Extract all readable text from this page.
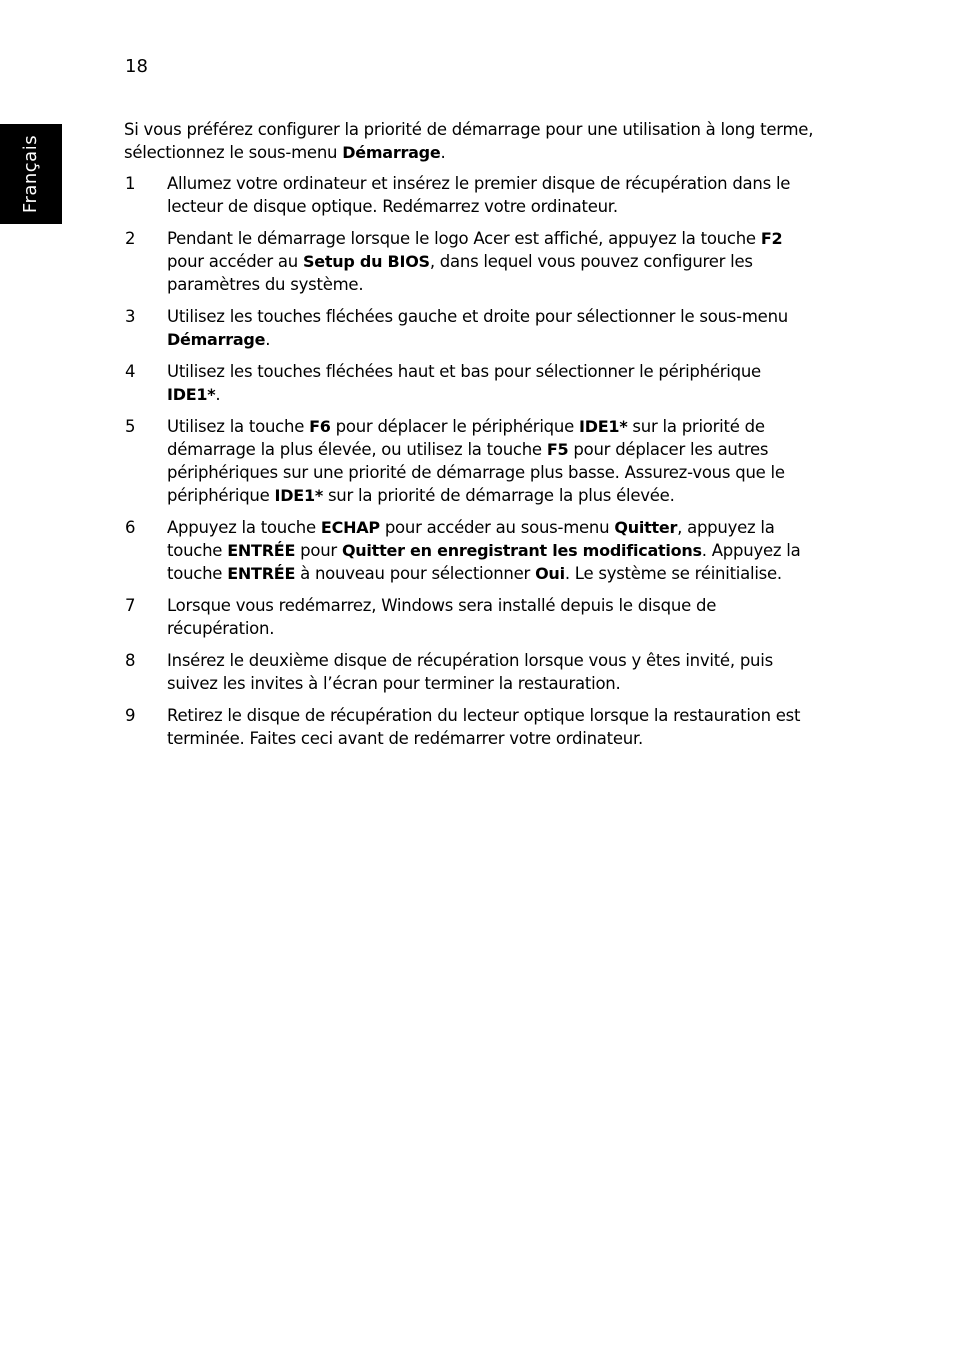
18
Français

Si vous préférez configurer la priorité de démarrage pour une utilisation à long terme, sélectionnez le sous-menu Démarrage.

1	Allumez votre ordinateur et insérez le premier disque de récupération dans le lecteur de disque optique. Redémarrez votre ordinateur.
2	Pendant le démarrage lorsque le logo Acer est affiché, appuyez la touche F2 pour accéder au Setup du BIOS, dans lequel vous pouvez configurer les paramètres du système.
3	Utilisez les touches fléchées gauche et droite pour sélectionner le sous-menu Démarrage.
4	Utilisez les touches fléchées haut et bas pour sélectionner le périphérique IDE1*.
5	Utilisez la touche F6 pour déplacer le périphérique IDE1* sur la priorité de démarrage la plus élevée, ou utilisez la touche F5 pour déplacer les autres périphériques sur une priorité de démarrage plus basse. Assurez-vous que le périphérique IDE1* sur la priorité de démarrage la plus élevée.
6	Appuyez la touche ECHAP pour accéder au sous-menu Quitter, appuyez la touche ENTRÉE pour Quitter en enregistrant les modifications. Appuyez la touche ENTRÉE à nouveau pour sélectionner Oui. Le système se réinitialise.
7	Lorsque vous redémarrez, Windows sera installé depuis le disque de récupération.
8	Insérez le deuxième disque de récupération lorsque vous y êtes invité, puis suivez les invites à l’écran pour terminer la restauration.
9	Retirez le disque de récupération du lecteur optique lorsque la restauration est terminée. Faites ceci avant de redémarrer votre ordinateur.
